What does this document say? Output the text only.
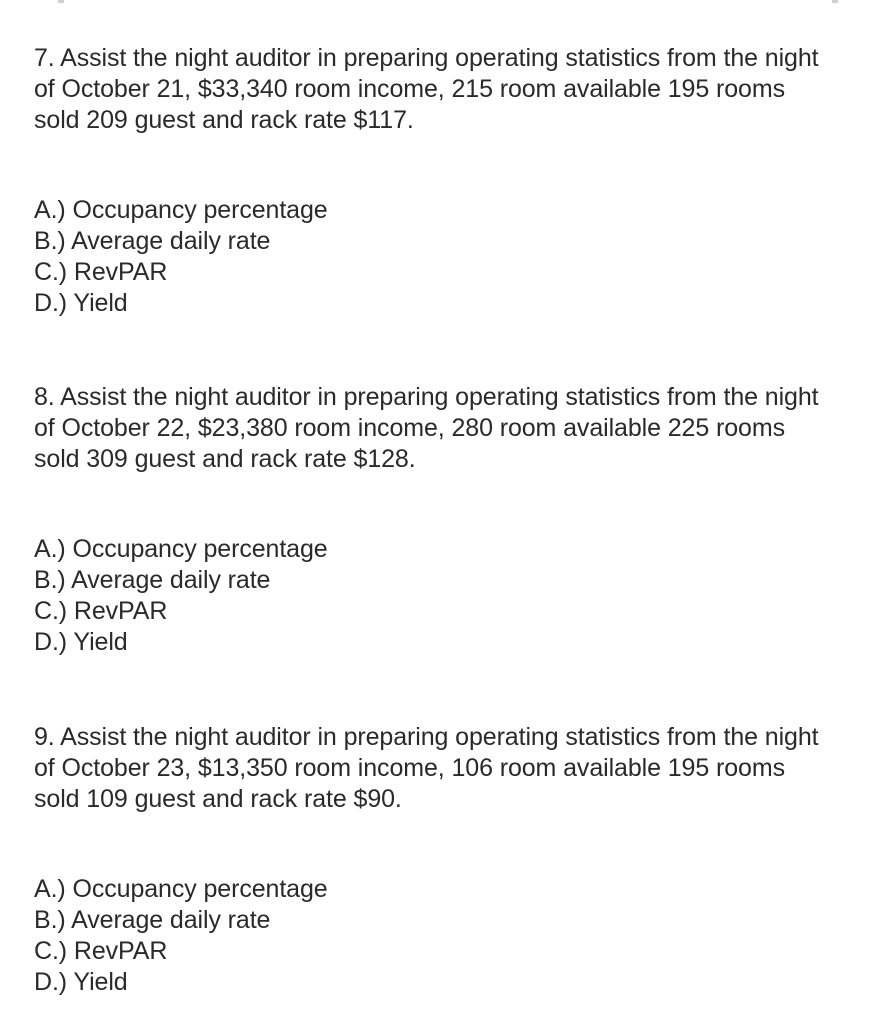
7. Assist the night auditor in preparing operating statistics from the night of October 21, $33,340 room income, 215 room available 195 rooms sold 209 guest and rack rate $117.

A.) Occupancy percentage
B.) Average daily rate
C.) RevPAR
D.) Yield

8. Assist the night auditor in preparing operating statistics from the night of October 22, $23,380 room income, 280 room available 225 rooms sold 309 guest and rack rate $128.

A.) Occupancy percentage
B.) Average daily rate
C.) RevPAR
D.) Yield

9. Assist the night auditor in preparing operating statistics from the night of October 23, $13,350 room income, 106 room available 195 rooms sold 109 guest and rack rate $90.

A.) Occupancy percentage
B.) Average daily rate
C.) RevPAR
D.) Yield
